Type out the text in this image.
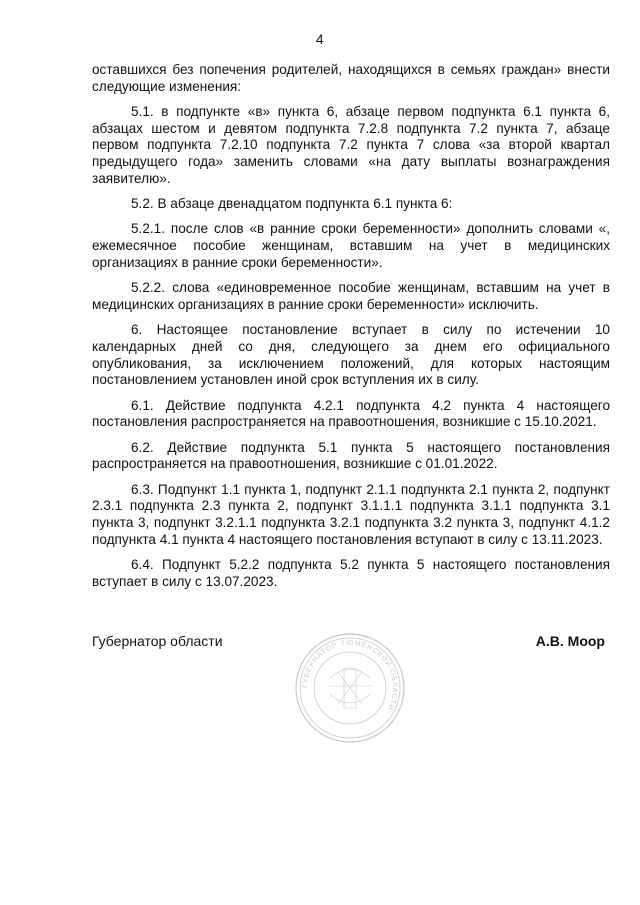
4

оставшихся без попечения родителей, находящихся в семьях граждан» внести следующие изменения:

5.1. в подпункте «в» пункта 6, абзаце первом подпункта 6.1 пункта 6, абзацах шестом и девятом подпункта 7.2.8 подпункта 7.2 пункта 7, абзаце первом подпункта 7.2.10 подпункта 7.2 пункта 7 слова «за второй квартал предыдущего года» заменить словами «на дату выплаты вознаграждения заявителю».

5.2. В абзаце двенадцатом подпункта 6.1 пункта 6:

5.2.1. после слов «в ранние сроки беременности» дополнить словами «, ежемесячное пособие женщинам, вставшим на учет в медицинских организациях в ранние сроки беременности».

5.2.2. слова «единовременное пособие женщинам, вставшим на учет в медицинских организациях в ранние сроки беременности» исключить.

6. Настоящее постановление вступает в силу по истечении 10 календарных дней со дня, следующего за днем его официального опубликования, за исключением положений, для которых настоящим постановлением установлен иной срок вступления их в силу.

6.1. Действие подпункта 4.2.1 подпункта 4.2 пункта 4 настоящего постановления распространяется на правоотношения, возникшие с 15.10.2021.

6.2. Действие подпункта 5.1 пункта 5 настоящего постановления распространяется на правоотношения, возникшие с 01.01.2022.

6.3. Подпункт 1.1 пункта 1, подпункт 2.1.1 подпункта 2.1 пункта 2, подпункт 2.3.1 подпункта 2.3 пункта 2, подпункт 3.1.1.1 подпункта 3.1.1 подпункта 3.1 пункта 3, подпункт 3.2.1.1 подпункта 3.2.1 подпункта 3.2 пункта 3, подпункт 4.1.2 подпункта 4.1 пункта 4 настоящего постановления вступают в силу с 13.11.2023.

6.4. Подпункт 5.2.2 подпункта 5.2 пункта 5 настоящего постановления вступает в силу с 13.07.2023.

Губернатор области	А.В. Моор
ГУБЕРНАТОР ТЮМЕНСКОЙ ОБЛАСТИ
